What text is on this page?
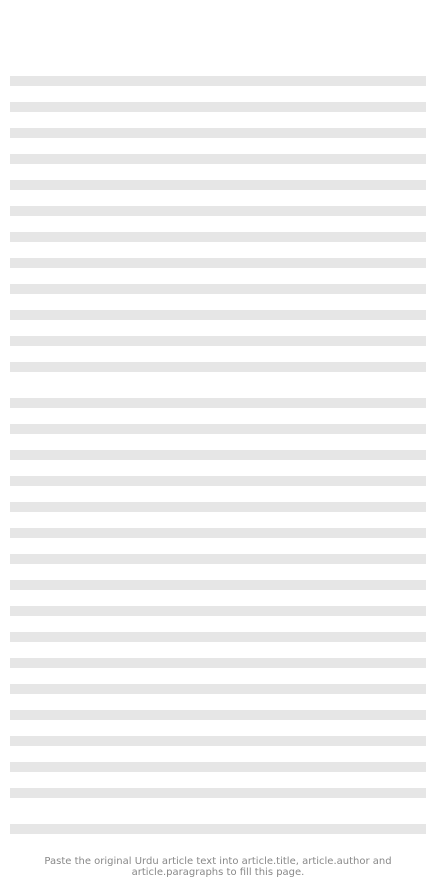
Paste the original Urdu article text into article.title, article.author and article.paragraphs to fill this page.
